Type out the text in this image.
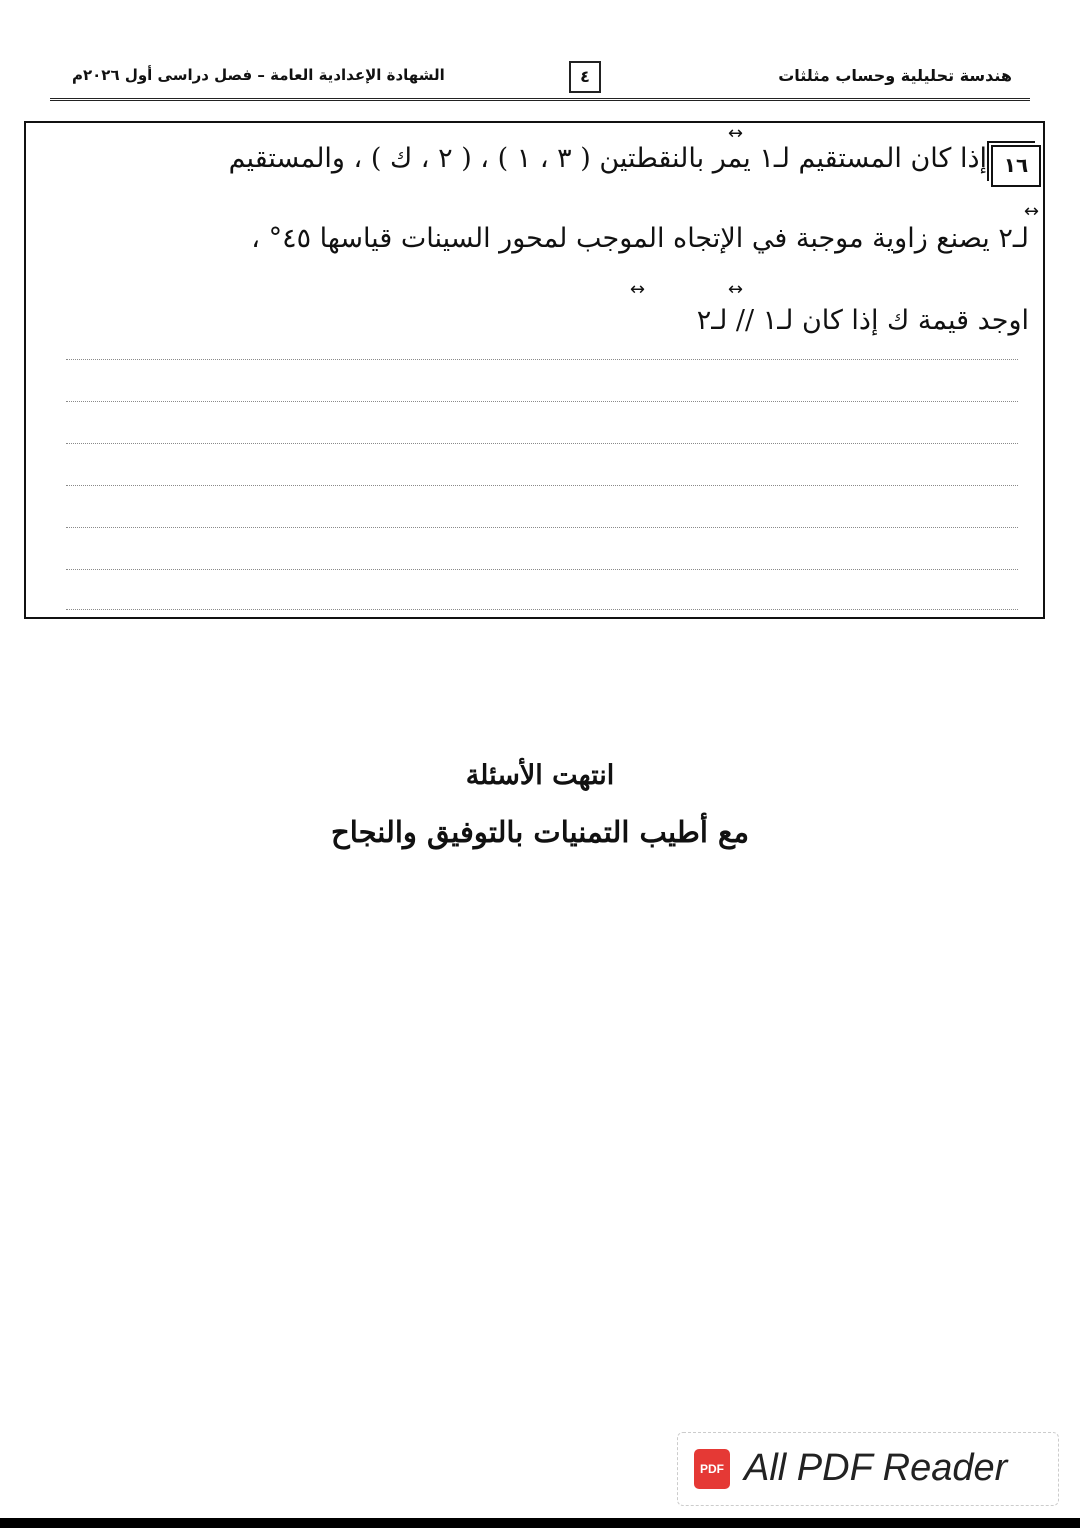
هندسة تحليلية وحساب مثلثات
٤
الشهادة الإعدادية العامة – فصل دراسى أول ٢٠٢٦م
١٦
↔
إذا كان المستقيم لـ١ يمر بالنقطتين ( ٣ ، ١ ) ، ( ٢ ، ك ) ، والمستقيم
↔
لـ٢ يصنع زاوية موجبة في الإتجاه الموجب لمحور السينات قياسها ٤٥° ،
↔
↔
اوجد قيمة ك إذا كان لـ١ // لـ٢
انتهت الأسئلة
مع أطيب التمنيات بالتوفيق والنجاح
PDF All PDF Reader
